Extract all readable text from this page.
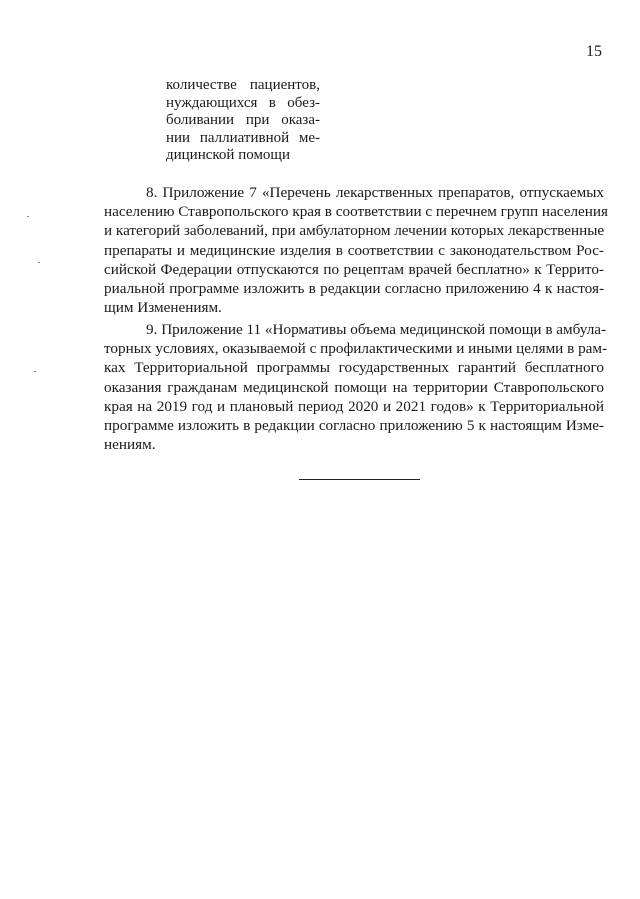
15
количестве пациентов,
нуждающихся в обез-
боливании при оказа-
нии паллиативной ме-
дицинской помощи
8. Приложение 7 «Перечень лекарственных препаратов, отпускаемых
населению Ставропольского края в соответствии с перечнем групп населения
и категорий заболеваний, при амбулаторном лечении которых лекарственные
препараты и медицинские изделия в соответствии с законодательством Рос-
сийской Федерации отпускаются по рецептам врачей бесплатно» к Террито-
риальной программе изложить в редакции согласно приложению 4 к настоя-
щим Изменениям.
9. Приложение 11 «Нормативы объема медицинской помощи в амбула-
торных условиях, оказываемой с профилактическими и иными целями в рам-
ках Территориальной программы государственных гарантий бесплатного
оказания гражданам медицинской помощи на территории Ставропольского
края на 2019 год и плановый период 2020 и 2021 годов» к Территориальной
программе изложить в редакции согласно приложению 5 к настоящим Изме-
нениям.
